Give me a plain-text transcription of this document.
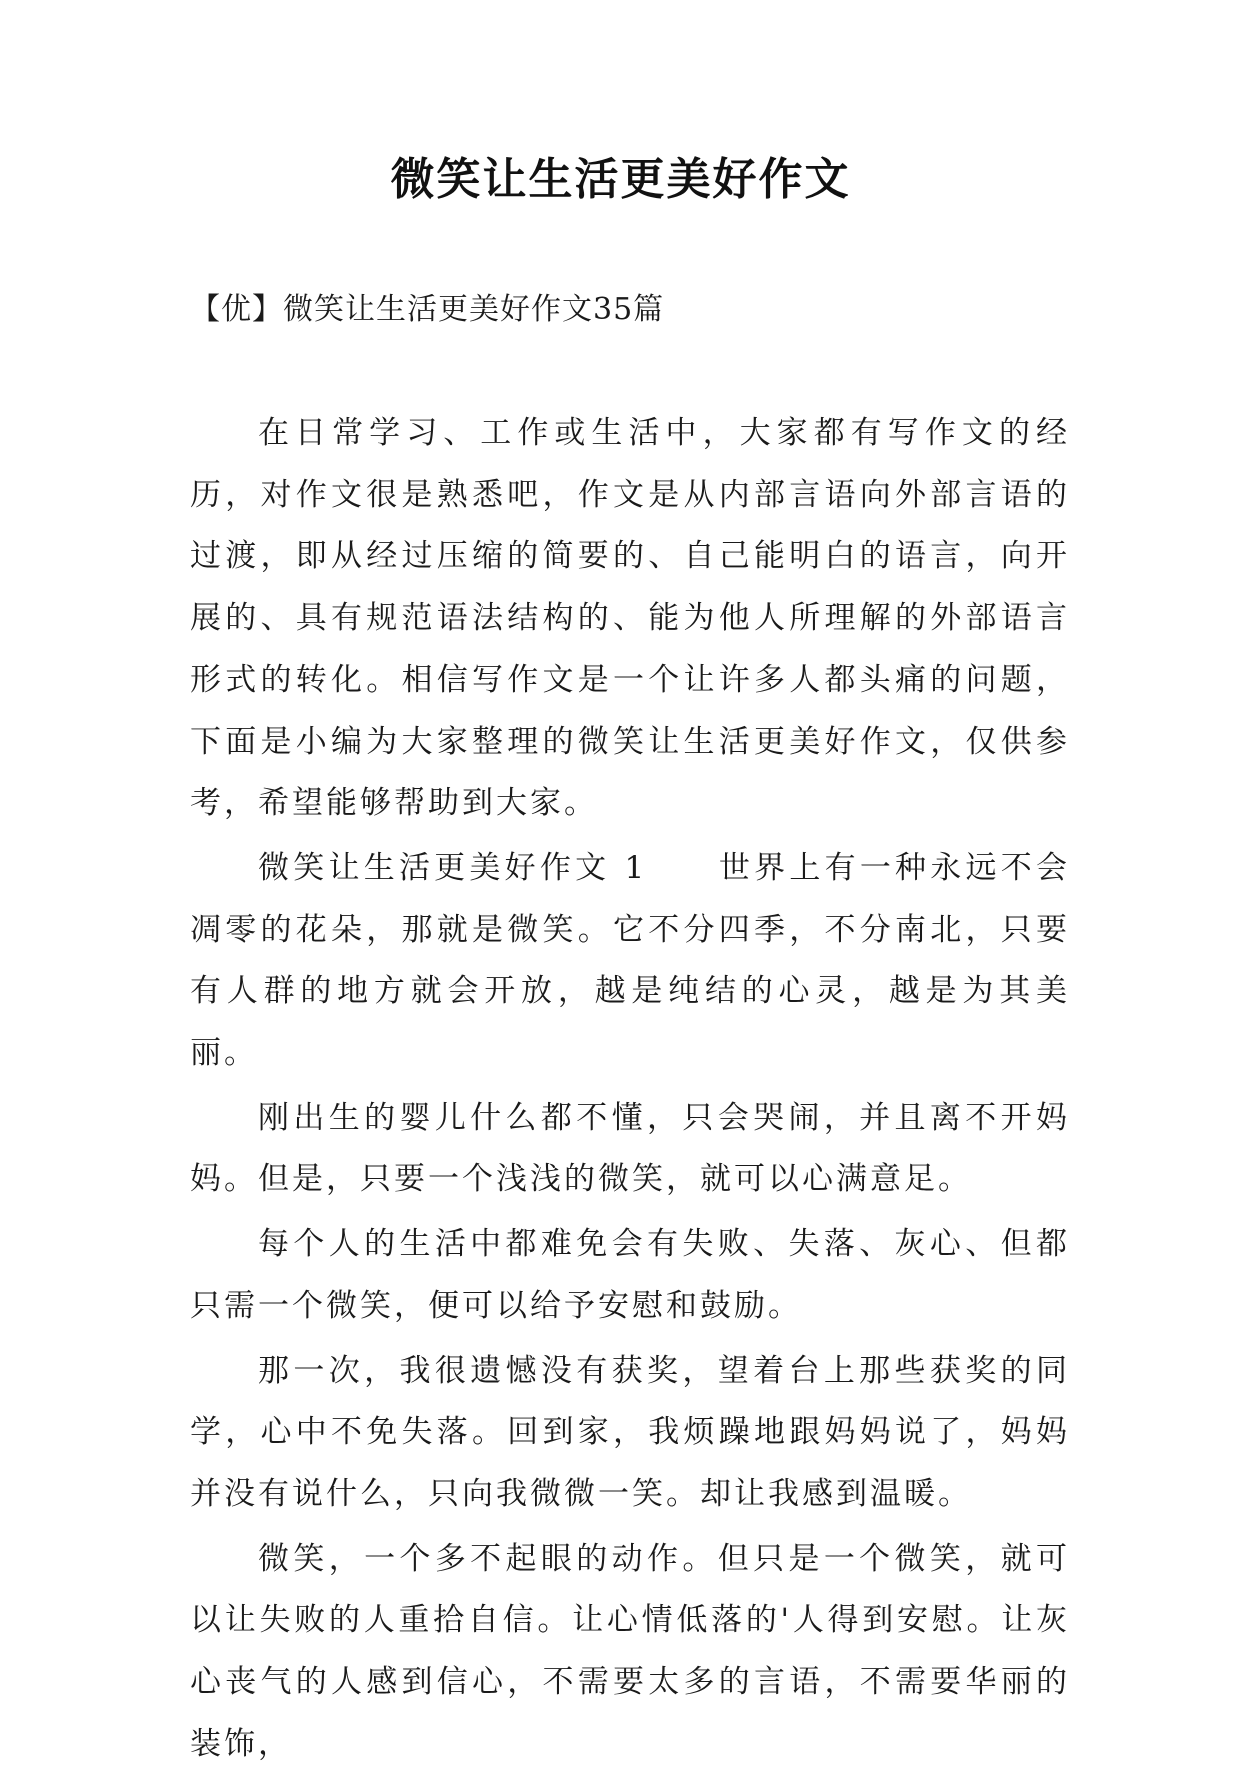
微笑让生活更美好作文

【优】微笑让生活更美好作文35篇

在日常学习、工作或生活中，大家都有写作文的经历，对作文很是熟悉吧，作文是从内部言语向外部言语的过渡，即从经过压缩的简要的、自己能明白的语言，向开展的、具有规范语法结构的、能为他人所理解的外部语言形式的转化。相信写作文是一个让许多人都头痛的问题，下面是小编为大家整理的微笑让生活更美好作文，仅供参考，希望能够帮助到大家。

微笑让生活更美好作文 1　　世界上有一种永远不会凋零的花朵，那就是微笑。它不分四季，不分南北，只要有人群的地方就会开放，越是纯结的心灵，越是为其美丽。

刚出生的婴儿什么都不懂，只会哭闹，并且离不开妈妈。但是，只要一个浅浅的微笑，就可以心满意足。

每个人的生活中都难免会有失败、失落、灰心、但都只需一个微笑，便可以给予安慰和鼓励。

那一次，我很遗憾没有获奖，望着台上那些获奖的同学，心中不免失落。回到家，我烦躁地跟妈妈说了，妈妈并没有说什么，只向我微微一笑。却让我感到温暖。

微笑，一个多不起眼的动作。但只是一个微笑，就可以让失败的人重拾自信。让心情低落的'人得到安慰。让灰心丧气的人感到信心，不需要太多的言语，不需要华丽的装饰，
